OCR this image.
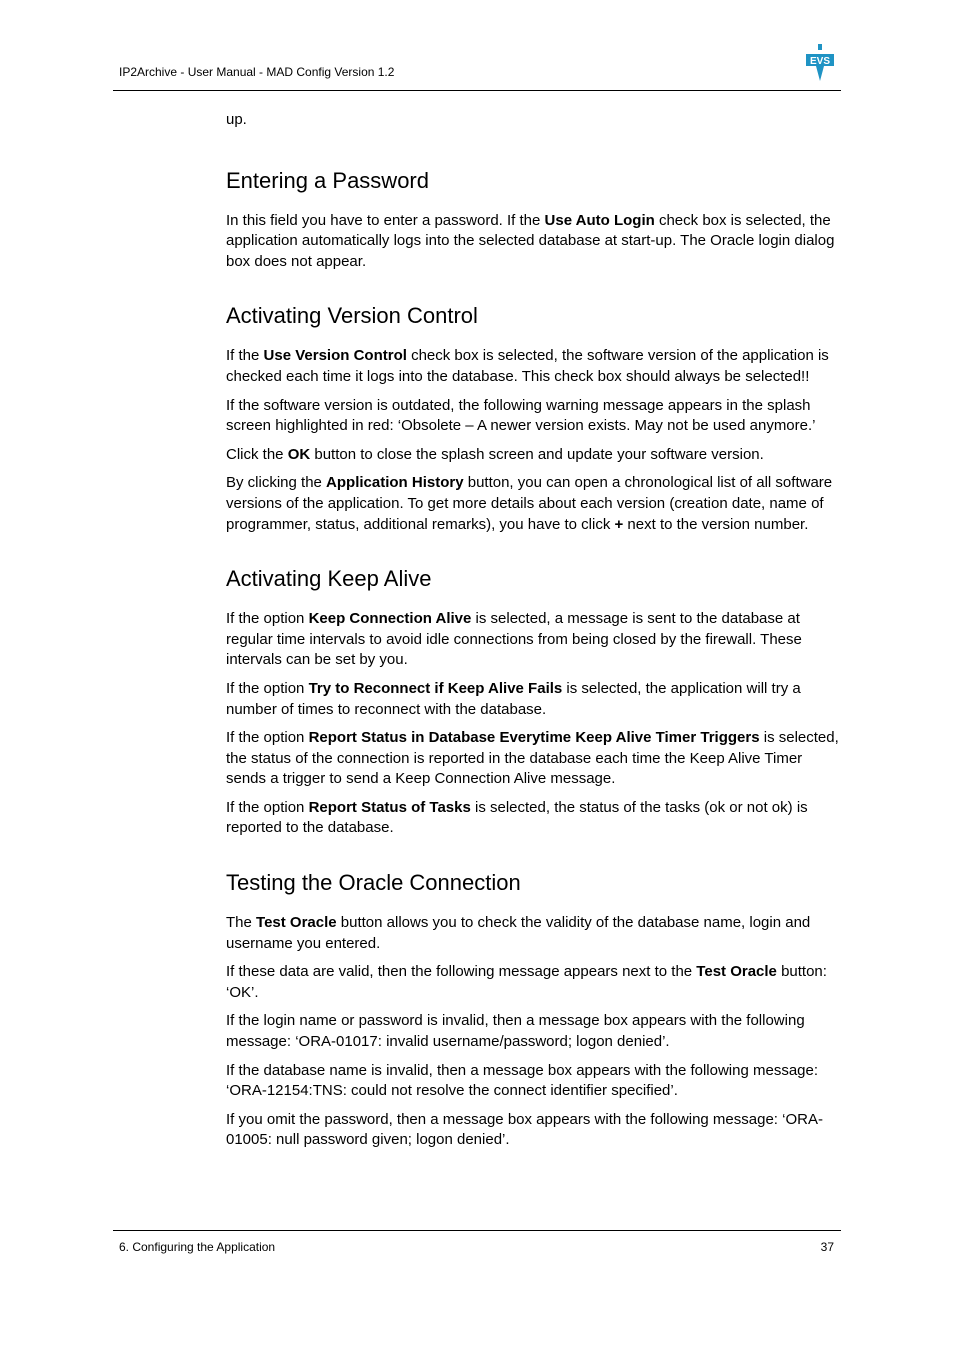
IP2Archive - User Manual - MAD Config Version 1.2
EVS

up.

Entering a Password

In this field you have to enter a password. If the Use Auto Login check box is selected, the application automatically logs into the selected database at start-up. The Oracle login dialog box does not appear.

Activating Version Control

If the Use Version Control check box is selected, the software version of the application is checked each time it logs into the database. This check box should always be selected!!

If the software version is outdated, the following warning message appears in the splash screen highlighted in red: ‘Obsolete – A newer version exists. May not be used anymore.’

Click the OK button to close the splash screen and update your software version.

By clicking the Application History button, you can open a chronological list of all software versions of the application. To get more details about each version (creation date, name of programmer, status, additional remarks), you have to click + next to the version number.

Activating Keep Alive

If the option Keep Connection Alive is selected, a message is sent to the database at regular time intervals to avoid idle connections from being closed by the firewall. These intervals can be set by you.

If the option Try to Reconnect if Keep Alive Fails is selected, the application will try a number of times to reconnect with the database.

If the option Report Status in Database Everytime Keep Alive Timer Triggers is selected, the status of the connection is reported in the database each time the Keep Alive Timer sends a trigger to send a Keep Connection Alive message.

If the option Report Status of Tasks is selected, the status of the tasks (ok or not ok) is reported to the database.

Testing the Oracle Connection

The Test Oracle button allows you to check the validity of the database name, login and username you entered.

If these data are valid, then the following message appears next to the Test Oracle button: ‘OK’.

If the login name or password is invalid, then a message box appears with the following message: ‘ORA-01017: invalid username/password; logon denied’.

If the database name is invalid, then a message box appears with the following message: ‘ORA-12154:TNS: could not resolve the connect identifier specified’.

If you omit the password, then a message box appears with the following message: ‘ORA-01005: null password given; logon denied’.

6. Configuring the Application	37
